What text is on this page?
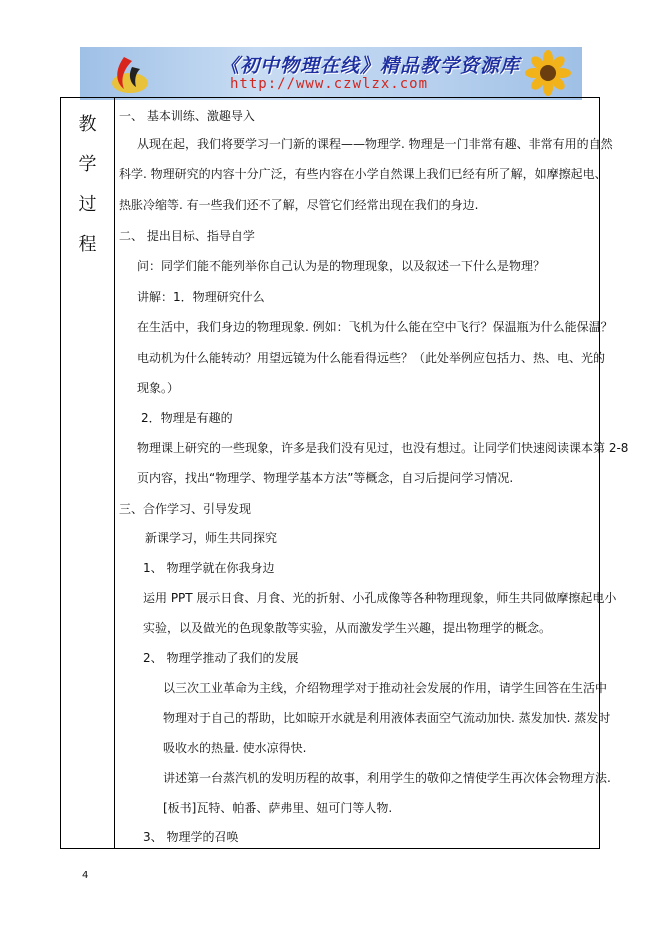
《初中物理在线》精品教学资源库
http://www.czwlzx.com
教
学
过
程
一、 基本训练、激趣导入
从现在起，我们将要学习一门新的课程——物理学. 物理是一门非常有趣、非常有用的自然
科学. 物理研究的内容十分广泛，有些内容在小学自然课上我们已经有所了解，如摩擦起电、
热胀冷缩等. 有一些我们还不了解，尽管它们经常出现在我们的身边.
二、 提出目标、指导自学
问：同学们能不能列举你自己认为是的物理现象，以及叙述一下什么是物理？
讲解：1．物理研究什么
在生活中，我们身边的物理现象. 例如：飞机为什么能在空中飞行？保温瓶为什么能保温？
电动机为什么能转动？用望远镜为什么能看得远些？（此处举例应包括力、热、电、光的
现象。）
2．物理是有趣的
物理课上研究的一些现象，许多是我们没有见过，也没有想过。让同学们快速阅读课本第 2-8
页内容，找出“物理学、物理学基本方法”等概念，自习后提问学习情况.
三、合作学习、引导发现
新课学习，师生共同探究
1、 物理学就在你我身边
运用 PPT 展示日食、月食、光的折射、小孔成像等各种物理现象，师生共同做摩擦起电小
实验，以及做光的色现象散等实验，从而激发学生兴趣，提出物理学的概念。
2、 物理学推动了我们的发展
以三次工业革命为主线，介绍物理学对于推动社会发展的作用，请学生回答在生活中
物理对于自己的帮助，比如晾开水就是利用液体表面空气流动加快. 蒸发加快. 蒸发时
吸收水的热量. 使水凉得快.
讲述第一台蒸汽机的发明历程的故事，利用学生的敬仰之情使学生再次体会物理方法.
[板书]瓦特、帕番、萨弗里、妞可门等人物.
3、 物理学的召唤
4
